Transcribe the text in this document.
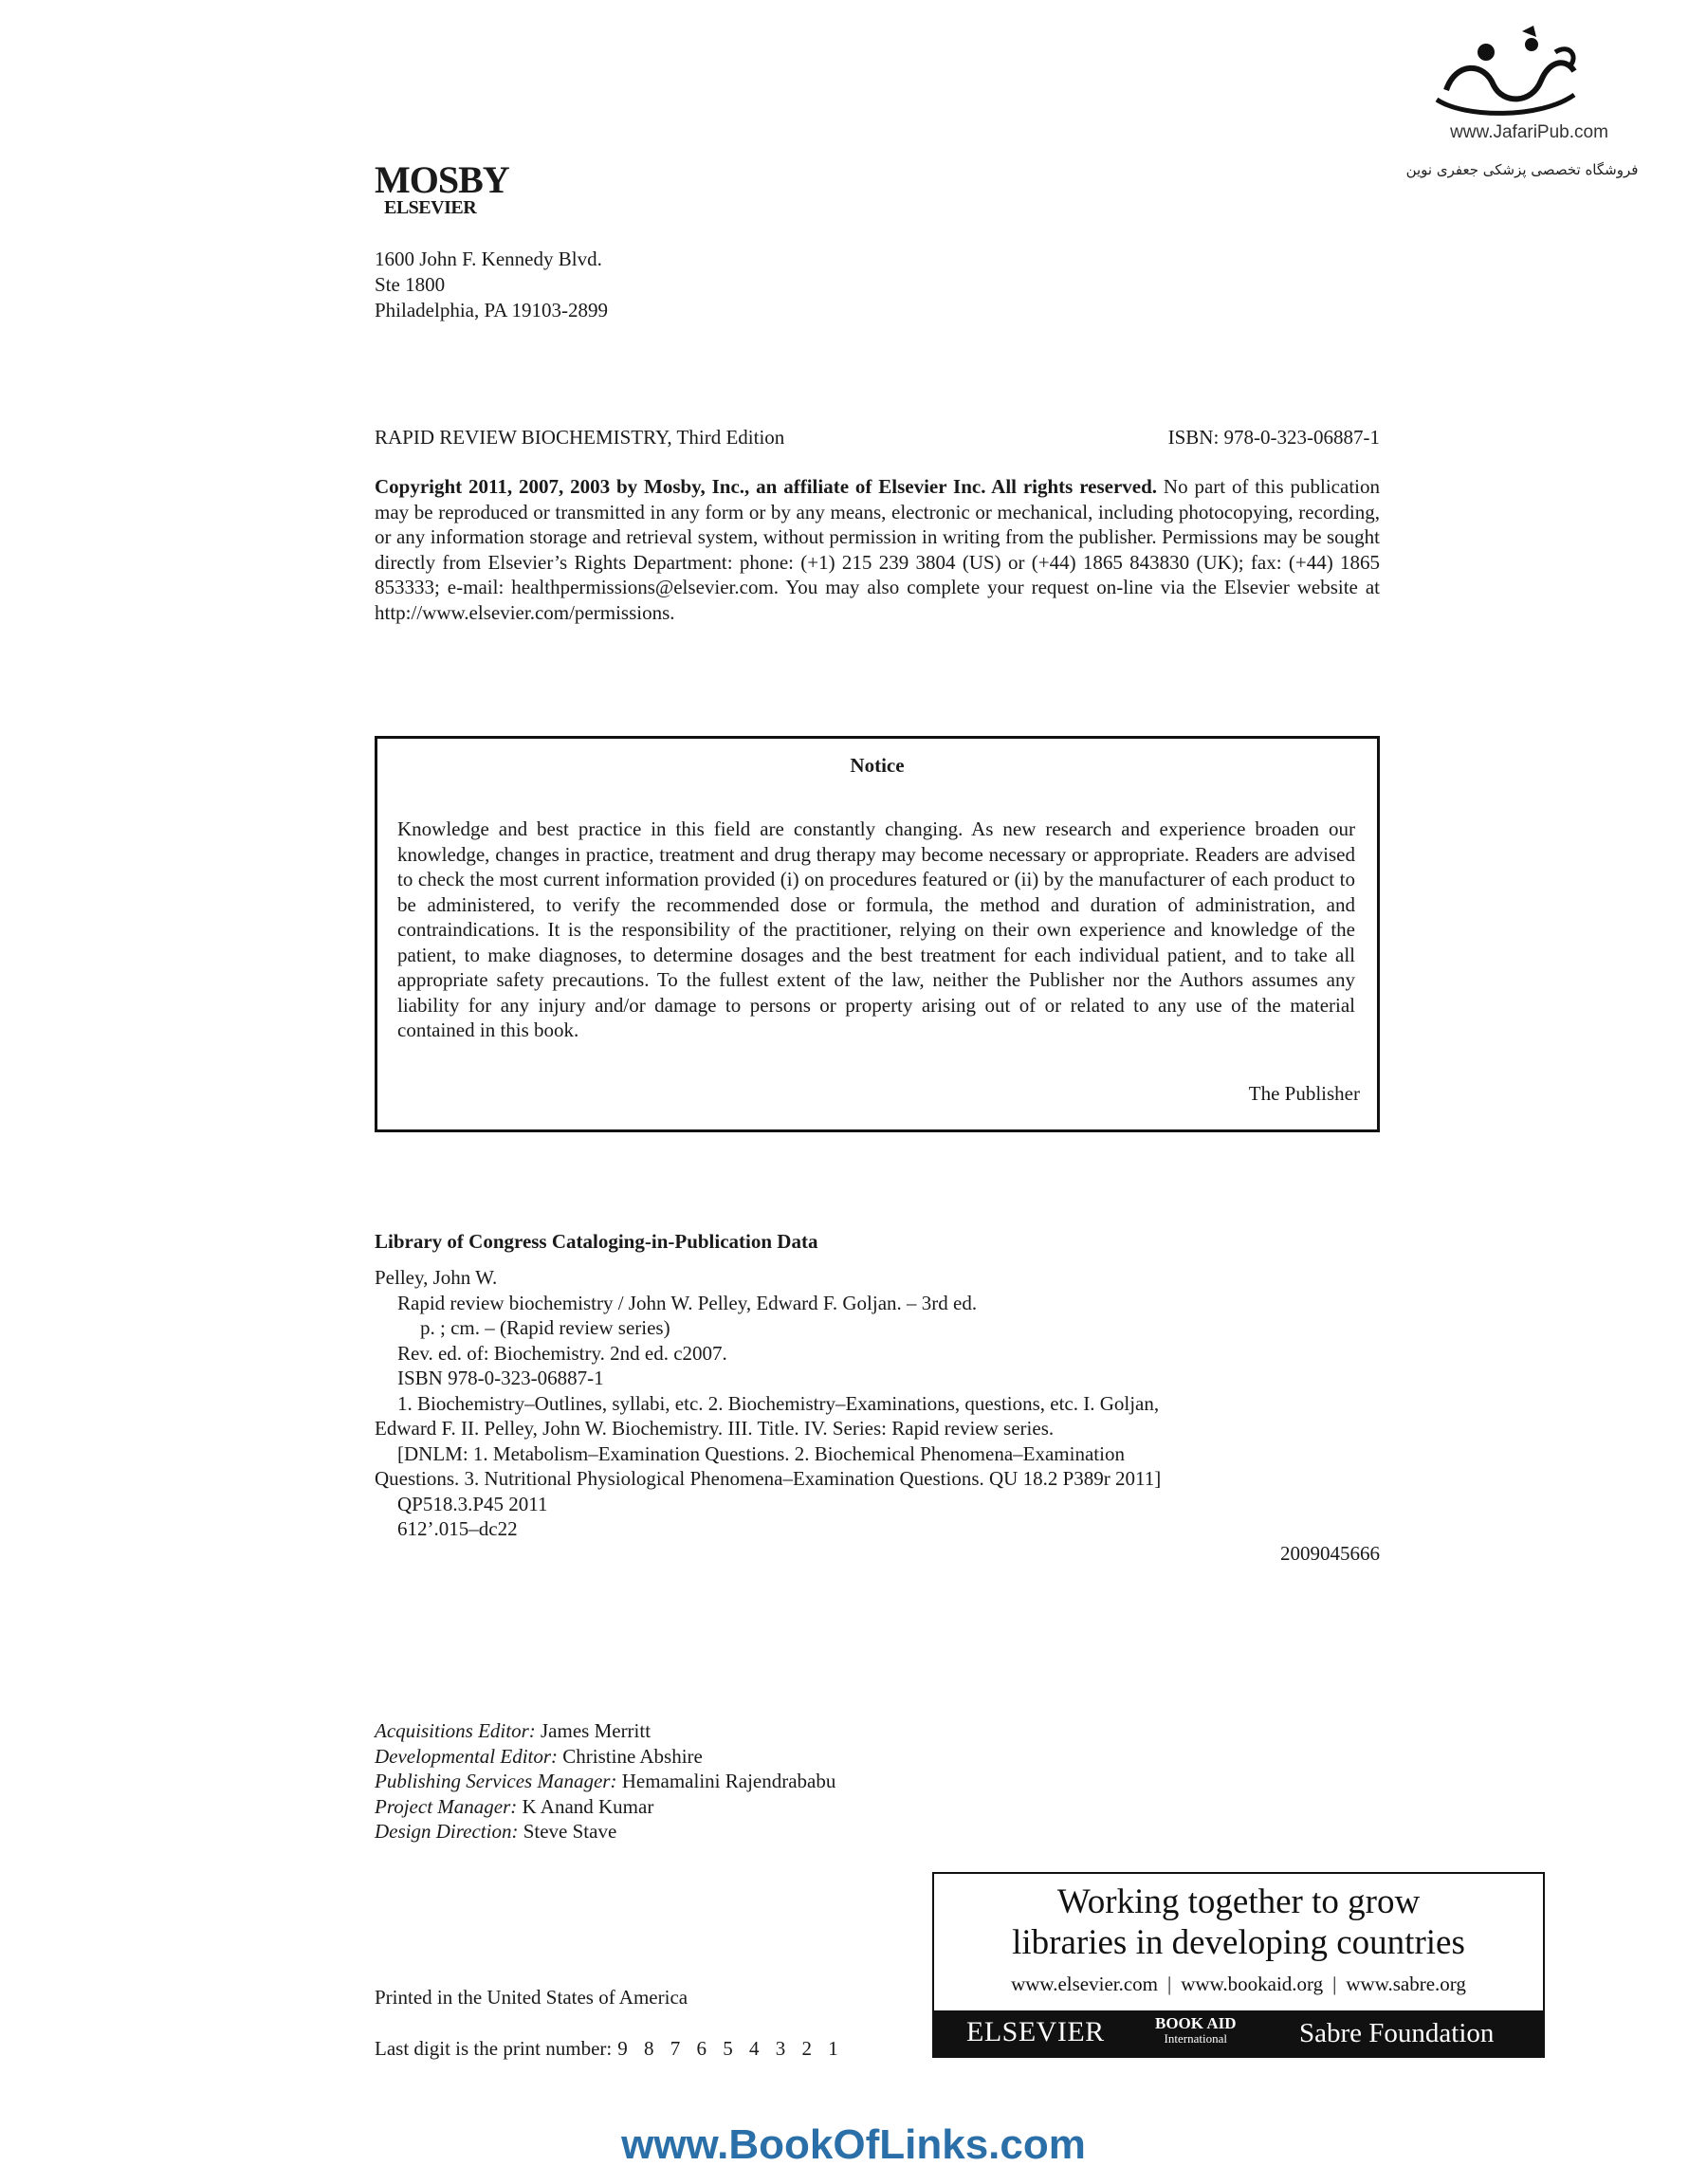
www.JafariPub.com
فروشگاه تخصصی پزشکی جعفری نوین
MOSBY
ELSEVIER
1600 John F. Kennedy Blvd.
Ste 1800
Philadelphia, PA 19103-2899
RAPID REVIEW BIOCHEMISTRY, Third Edition	ISBN: 978-0-323-06887-1
Copyright 2011, 2007, 2003 by Mosby, Inc., an affiliate of Elsevier Inc. All rights reserved. No part of this publication may be reproduced or transmitted in any form or by any means, electronic or mechanical, including photocopying, recording, or any information storage and retrieval system, without permission in writing from the publisher. Permissions may be sought directly from Elsevier’s Rights Department: phone: (+1) 215 239 3804 (US) or (+44) 1865 843830 (UK); fax: (+44) 1865 853333; e-mail: healthpermissions@elsevier.com. You may also complete your request on-line via the Elsevier website at http://www.elsevier.com/permissions.
Notice
Knowledge and best practice in this field are constantly changing. As new research and experience broaden our knowledge, changes in practice, treatment and drug therapy may become necessary or appropriate. Readers are advised to check the most current information provided (i) on procedures featured or (ii) by the manufacturer of each product to be administered, to verify the recommended dose or formula, the method and duration of administration, and contraindications. It is the responsibility of the practitioner, relying on their own experience and knowledge of the patient, to make diagnoses, to determine dosages and the best treatment for each individual patient, and to take all appropriate safety precautions. To the fullest extent of the law, neither the Publisher nor the Authors assumes any liability for any injury and/or damage to persons or property arising out of or related to any use of the material contained in this book.
The Publisher
Library of Congress Cataloging-in-Publication Data
Pelley, John W.
Rapid review biochemistry / John W. Pelley, Edward F. Goljan. – 3rd ed.
p. ; cm. – (Rapid review series)
Rev. ed. of: Biochemistry. 2nd ed. c2007.
ISBN 978-0-323-06887-1
1. Biochemistry–Outlines, syllabi, etc. 2. Biochemistry–Examinations, questions, etc. I. Goljan,
Edward F. II. Pelley, John W. Biochemistry. III. Title. IV. Series: Rapid review series.
[DNLM: 1. Metabolism–Examination Questions. 2. Biochemical Phenomena–Examination
Questions. 3. Nutritional Physiological Phenomena–Examination Questions. QU 18.2 P389r 2011]
QP518.3.P45 2011
612’.015–dc22
2009045666
Acquisitions Editor: James Merritt
Developmental Editor: Christine Abshire
Publishing Services Manager: Hemamalini Rajendrababu
Project Manager: K Anand Kumar
Design Direction: Steve Stave
Printed in the United States of America
Last digit is the print number: 9 8 7 6 5 4 3 2 1
Working together to grow
libraries in developing countries
www.elsevier.com | www.bookaid.org | www.sabre.org
ELSEVIER	BOOK AID
International	Sabre Foundation
www.BookOfLinks.com
